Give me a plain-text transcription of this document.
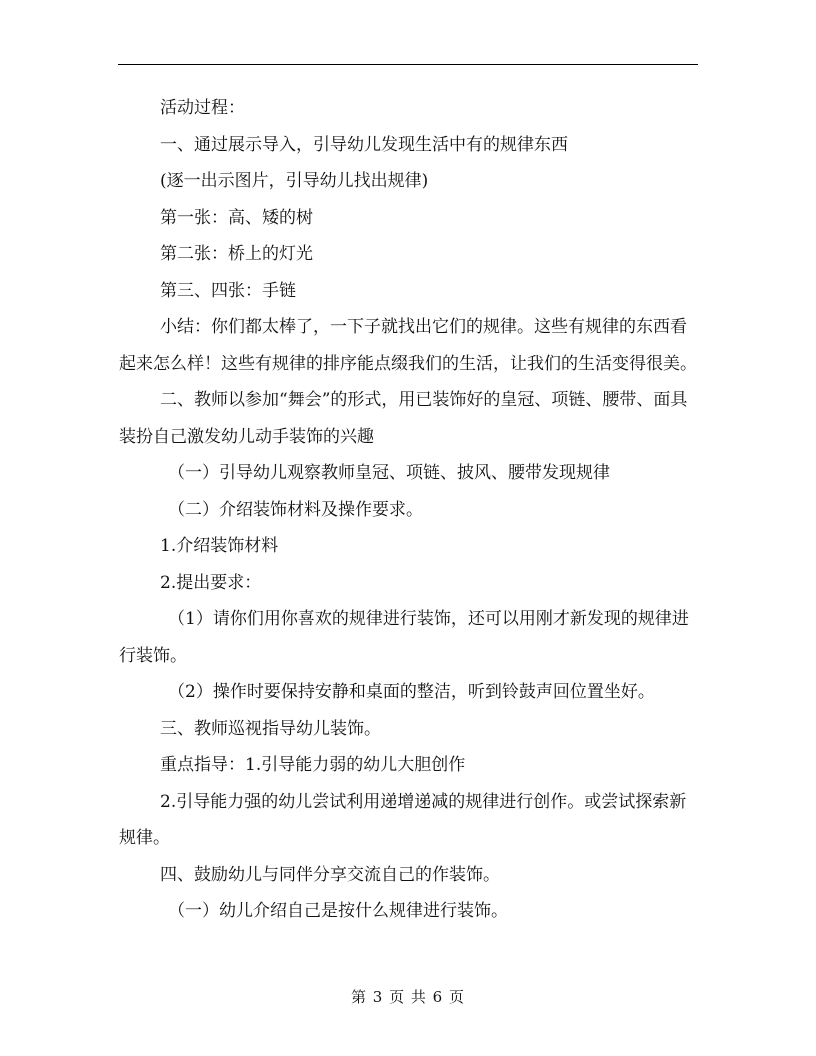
活动过程：

一、通过展示导入，引导幼儿发现生活中有的规律东西

(逐一出示图片，引导幼儿找出规律)

第一张：高、矮的树

第二张：桥上的灯光

第三、四张：手链

小结：你们都太棒了，一下子就找出它们的规律。这些有规律的东西看起来怎么样！这些有规律的排序能点缀我们的生活，让我们的生活变得很美。

二、教师以参加“舞会”的形式，用已装饰好的皇冠、项链、腰带、面具装扮自己激发幼儿动手装饰的兴趣

（一）引导幼儿观察教师皇冠、项链、披风、腰带发现规律

（二）介绍装饰材料及操作要求。

1.介绍装饰材料

2.提出要求：

（1）请你们用你喜欢的规律进行装饰，还可以用刚才新发现的规律进行装饰。

（2）操作时要保持安静和桌面的整洁，听到铃鼓声回位置坐好。

三、教师巡视指导幼儿装饰。

重点指导：1.引导能力弱的幼儿大胆创作

2.引导能力强的幼儿尝试利用递增递减的规律进行创作。或尝试探索新规律。

四、鼓励幼儿与同伴分享交流自己的作装饰。

（一）幼儿介绍自己是按什么规律进行装饰。

第 3 页 共 6 页
